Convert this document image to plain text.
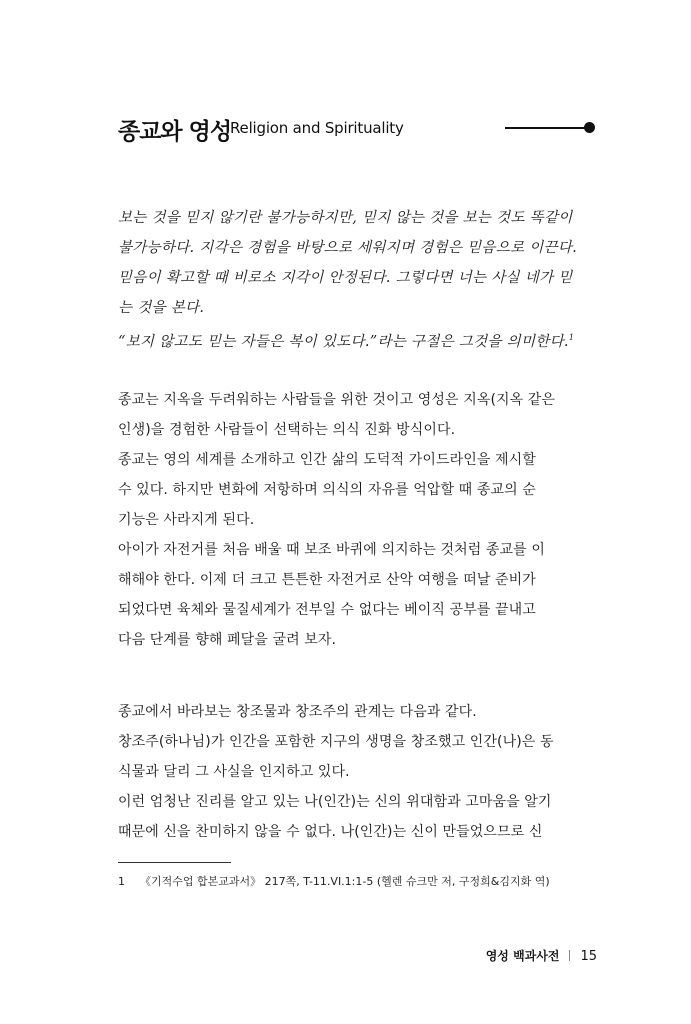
종교와 영성
Religion and Spirituality
보는 것을 믿지 않기란 불가능하지만, 믿지 않는 것을 보는 것도 똑같이
불가능하다. 지각은 경험을 바탕으로 세워지며 경험은 믿음으로 이끈다.
믿음이 확고할 때 비로소 지각이 안정된다. 그렇다면 너는 사실 네가 믿
는 것을 본다.
“보지 않고도 믿는 자들은 복이 있도다.”라는 구절은 그것을 의미한다.$^1$
종교는 지옥을 두려워하는 사람들을 위한 것이고 영성은 지옥(지옥 같은
인생)을 경험한 사람들이 선택하는 의식 진화 방식이다.
종교는 영의 세계를 소개하고 인간 삶의 도덕적 가이드라인을 제시할
수 있다. 하지만 변화에 저항하며 의식의 자유를 억압할 때 종교의 순
기능은 사라지게 된다.
아이가 자전거를 처음 배울 때 보조 바퀴에 의지하는 것처럼 종교를 이
해해야 한다. 이제 더 크고 튼튼한 자전거로 산악 여행을 떠날 준비가
되었다면 육체와 물질세계가 전부일 수 없다는 베이직 공부를 끝내고
다음 단계를 향해 페달을 굴려 보자.
종교에서 바라보는 창조물과 창조주의 관계는 다음과 같다.
창조주(하나님)가 인간을 포함한 지구의 생명을 창조했고 인간(나)은 동
식물과 달리 그 사실을 인지하고 있다.
이런 엄청난 진리를 알고 있는 나(인간)는 신의 위대함과 고마움을 알기
때문에 신을 찬미하지 않을 수 없다. 나(인간)는 신이 만들었으므로 신
1 《기적수업 합본교과서》 217쪽, T-11.VI.1:1-5 (헬렌 슈크만 저, 구정희&김지화 역)
영성 백과사전 15
